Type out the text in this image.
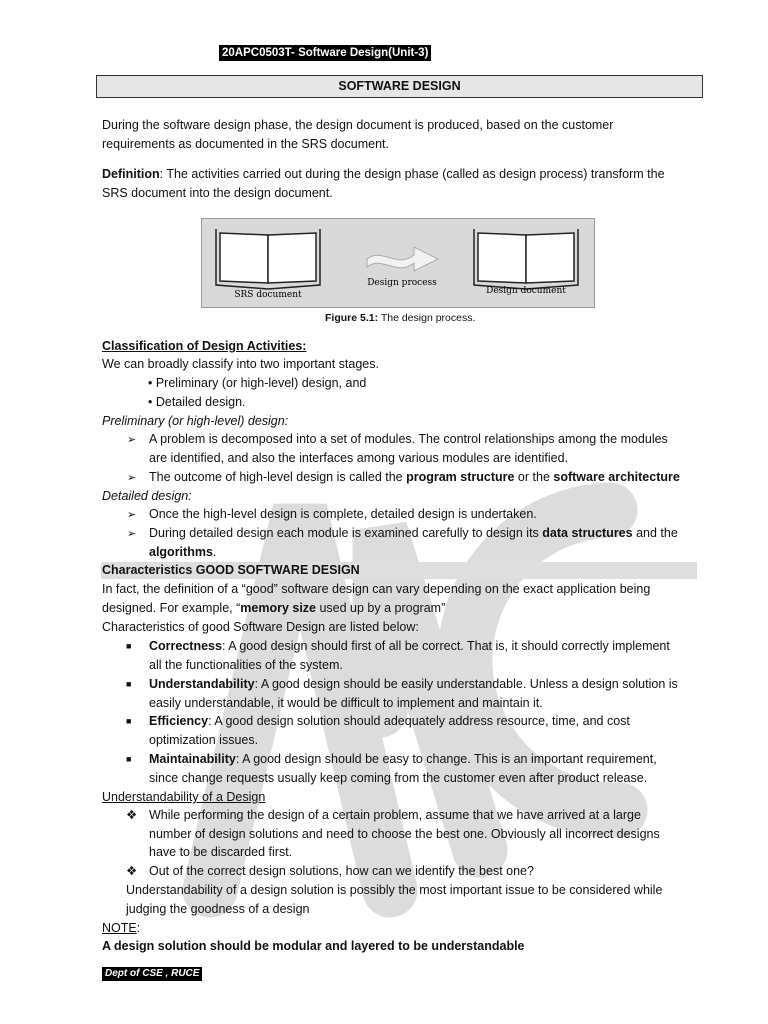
20APC0503T- Software Design(Unit-3)
SOFTWARE DESIGN
During the software design phase, the design document is produced, based on the customer
requirements as documented in the SRS document.
Definition: The activities carried out during the design phase (called as design process) transform the
SRS document into the design document.
SRS document
Design process
Design document
Figure 5.1: The design process.
Classification of Design Activities:
We can broadly classify into two important stages.
• Preliminary (or high-level) design, and
• Detailed design.
Preliminary (or high-level) design:
➢	A problem is decomposed into a set of modules. The control relationships among the modules
are identified, and also the interfaces among various modules are identified.
➢	The outcome of high-level design is called the program structure or the software architecture
Detailed design:
➢	Once the high-level design is complete, detailed design is undertaken.
➢	During detailed design each module is examined carefully to design its data structures and the
algorithms.
Characteristics GOOD SOFTWARE DESIGN
In fact, the definition of a “good” software design can vary depending on the exact application being
designed. For example, “memory size used up by a program”
Characteristics of good Software Design are listed below:
■ Correctness: A good design should first of all be correct. That is, it should correctly implement
all the functionalities of the system.
■ Understandability: A good design should be easily understandable. Unless a design solution is
easily understandable, it would be difficult to implement and maintain it.
■ Efficiency: A good design solution should adequately address resource, time, and cost
optimization issues.
■ Maintainability: A good design should be easy to change. This is an important requirement,
since change requests usually keep coming from the customer even after product release.
Understandability of a Design
❖ While performing the design of a certain problem, assume that we have arrived at a large
number of design solutions and need to choose the best one. Obviously all incorrect designs
have to be discarded first.
❖ Out of the correct design solutions, how can we identify the best one?
Understandability of a design solution is possibly the most important issue to be considered while
judging the goodness of a design
NOTE:
A design solution should be modular and layered to be understandable
Dept of CSE , RUCE
